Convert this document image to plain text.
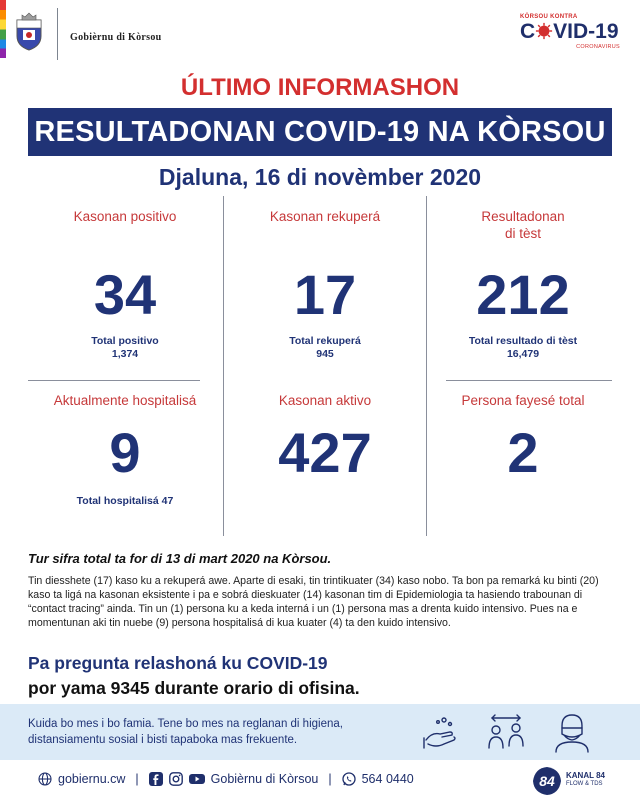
Gobièrnu di Kòrsou
KÒRSOU KONTRA
C VID-19
CORONAVIRUS
ÚLTIMO INFORMASHON
RESULTADONAN COVID-19 NA KÒRSOU
Djaluna, 16 di novèmber 2020
Kasonan positivo
34
Total positivo
1,374
Kasonan rekuperá
17
Total rekuperá
945
Resultadonan
di tèst
212
Total resultado di tèst
16,479
Aktualmente hospitalisá
9
Total hospitalisá 47
Kasonan aktivo
427
Persona fayesé total
2
Tur sifra total ta for di 13 di mart 2020 na Kòrsou.
Tin diesshete (17) kaso ku a rekuperá awe. Aparte di esaki, tin trintikuater (34) kaso nobo. Ta bon pa remarká ku binti (20) kaso ta ligá na kasonan eksistente i pa e sobrá dieskuater (14) kasonan tim di Epidemiologia ta hasiendo trabounan di “contact tracing” ainda. Tin un (1) persona ku a keda interná i un (1) persona mas a drenta kuido intensivo. Pues na e momentunan aki tin nuebe (9) persona hospitalisá di kua kuater (4) ta den kuido intensivo.
Pa pregunta relashoná ku COVID-19
por yama 9345 durante orario di ofisina.
Kuida bo mes i bo famia. Tene bo mes na reglanan di higiena,
distansiamentu sosial i bisti tapaboka mas frekuente.
gobiernu.cw |	Gobièrnu di Kòrsou |	564 0440	84 KANAL 84
FLOW & TDS
